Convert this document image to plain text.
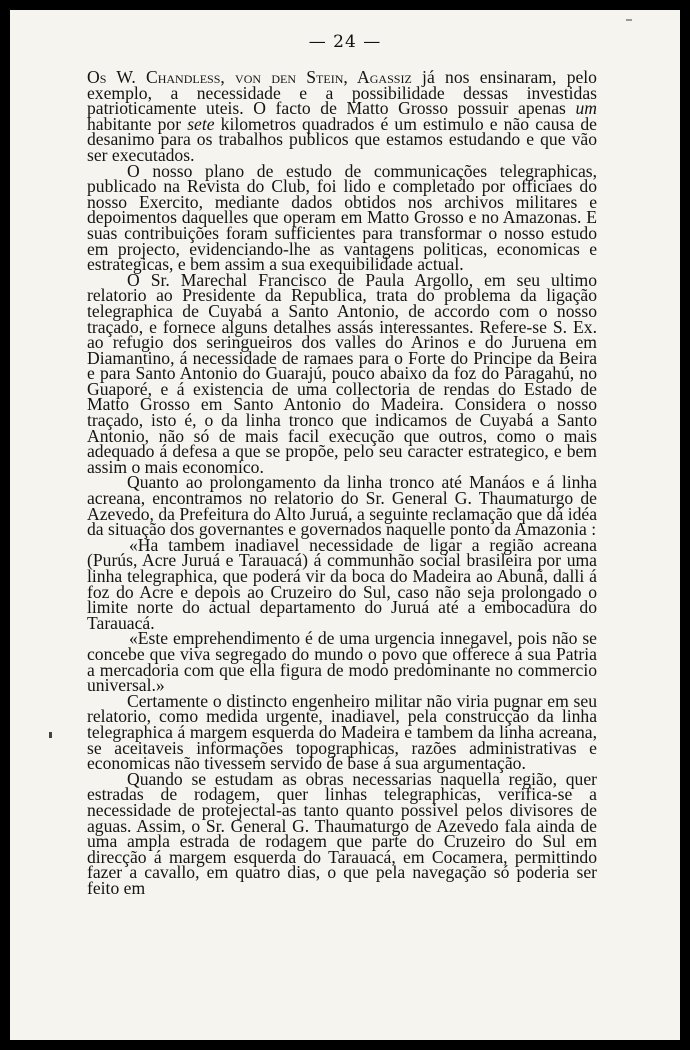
— 24 —

Os W. Chandless, von den Stein, Agassiz já nos ensinaram, pelo exemplo, a necessidade e a possibilidade dessas investidas patrioticamente uteis. O facto de Matto Grosso possuir apenas um habitante por sete kilometros quadrados é um estimulo e não causa de desanimo para os trabalhos publicos que estamos estudando e que vão ser executados.

O nosso plano de estudo de communicações telegraphicas, publicado na Revista do Club, foi lido e completado por officiaes do nosso Exercito, mediante dados obtidos nos archivos militares e depoimentos daquelles que operam em Matto Grosso e no Amazonas. E suas contribuições foram sufficientes para transformar o nosso estudo em projecto, evidenciando-lhe as vantagens politicas, economicas e estrategicas, e bem assim a sua exequibilidade actual.

O Sr. Marechal Francisco de Paula Argollo, em seu ultimo relatorio ao Presidente da Republica, trata do problema da ligação telegraphica de Cuyabá a Santo Antonio, de accordo com o nosso traçado, e fornece alguns detalhes assás interessantes. Refere-se S. Ex. ao refugio dos seringueiros dos valles do Arinos e do Juruena em Diamantino, á necessidade de ramaes para o Forte do Principe da Beira e para Santo Antonio do Guarajú, pouco abaixo da foz do Paragahú, no Guaporé, e á existencia de uma collectoria de rendas do Estado de Matto Grosso em Santo Antonio do Madeira. Considera o nosso traçado, isto é, o da linha tronco que indicamos de Cuyabá a Santo Antonio, não só de mais facil execução que outros, como o mais adequado á defesa a que se propõe, pelo seu caracter estrategico, e bem assim o mais economico.

Quanto ao prolongamento da linha tronco até Manáos e á linha acreana, encontramos no relatorio do Sr. General G. Thaumaturgo de Azevedo, da Prefeitura do Alto Juruá, a seguinte reclamação que dá idéa da situação dos governantes e governados naquelle ponto da Amazonia :

«Ha tambem inadiavel necessidade de ligar a região acreana (Purús, Acre Juruá e Tarauacá) á communhão social brasileira por uma linha telegraphica, que poderá vir da boca do Madeira ao Abunã, dalli á foz do Acre e depois ao Cruzeiro do Sul, caso não seja prolongado o limite norte do actual departamento do Juruá até a embocadura do Tarauacá.

«Este emprehendimento é de uma urgencia innegavel, pois não se concebe que viva segregado do mundo o povo que offerece á sua Patria a mercadoria com que ella figura de modo predominante no commercio universal.»

Certamente o distincto engenheiro militar não viria pugnar em seu relatorio, como medida urgente, inadiavel, pela construcção da linha telegraphica á margem esquerda do Madeira e tambem da linha acreana, se aceitaveis informações topographicas, razões administrativas e economicas não tivessem servido de base á sua argumentação.

Quando se estudam as obras necessarias naquella região, quer estradas de rodagem, quer linhas telegraphicas, verifica-se a necessidade de protejectal-as tanto quanto possivel pelos divisores de aguas. Assim, o Sr. General G. Thaumaturgo de Azevedo fala ainda de uma ampla estrada de rodagem que parte do Cruzeiro do Sul em direcção á margem esquerda do Tarauacá, em Cocamera, permittindo fazer a cavallo, em quatro dias, o que pela navegação só poderia ser feito em
